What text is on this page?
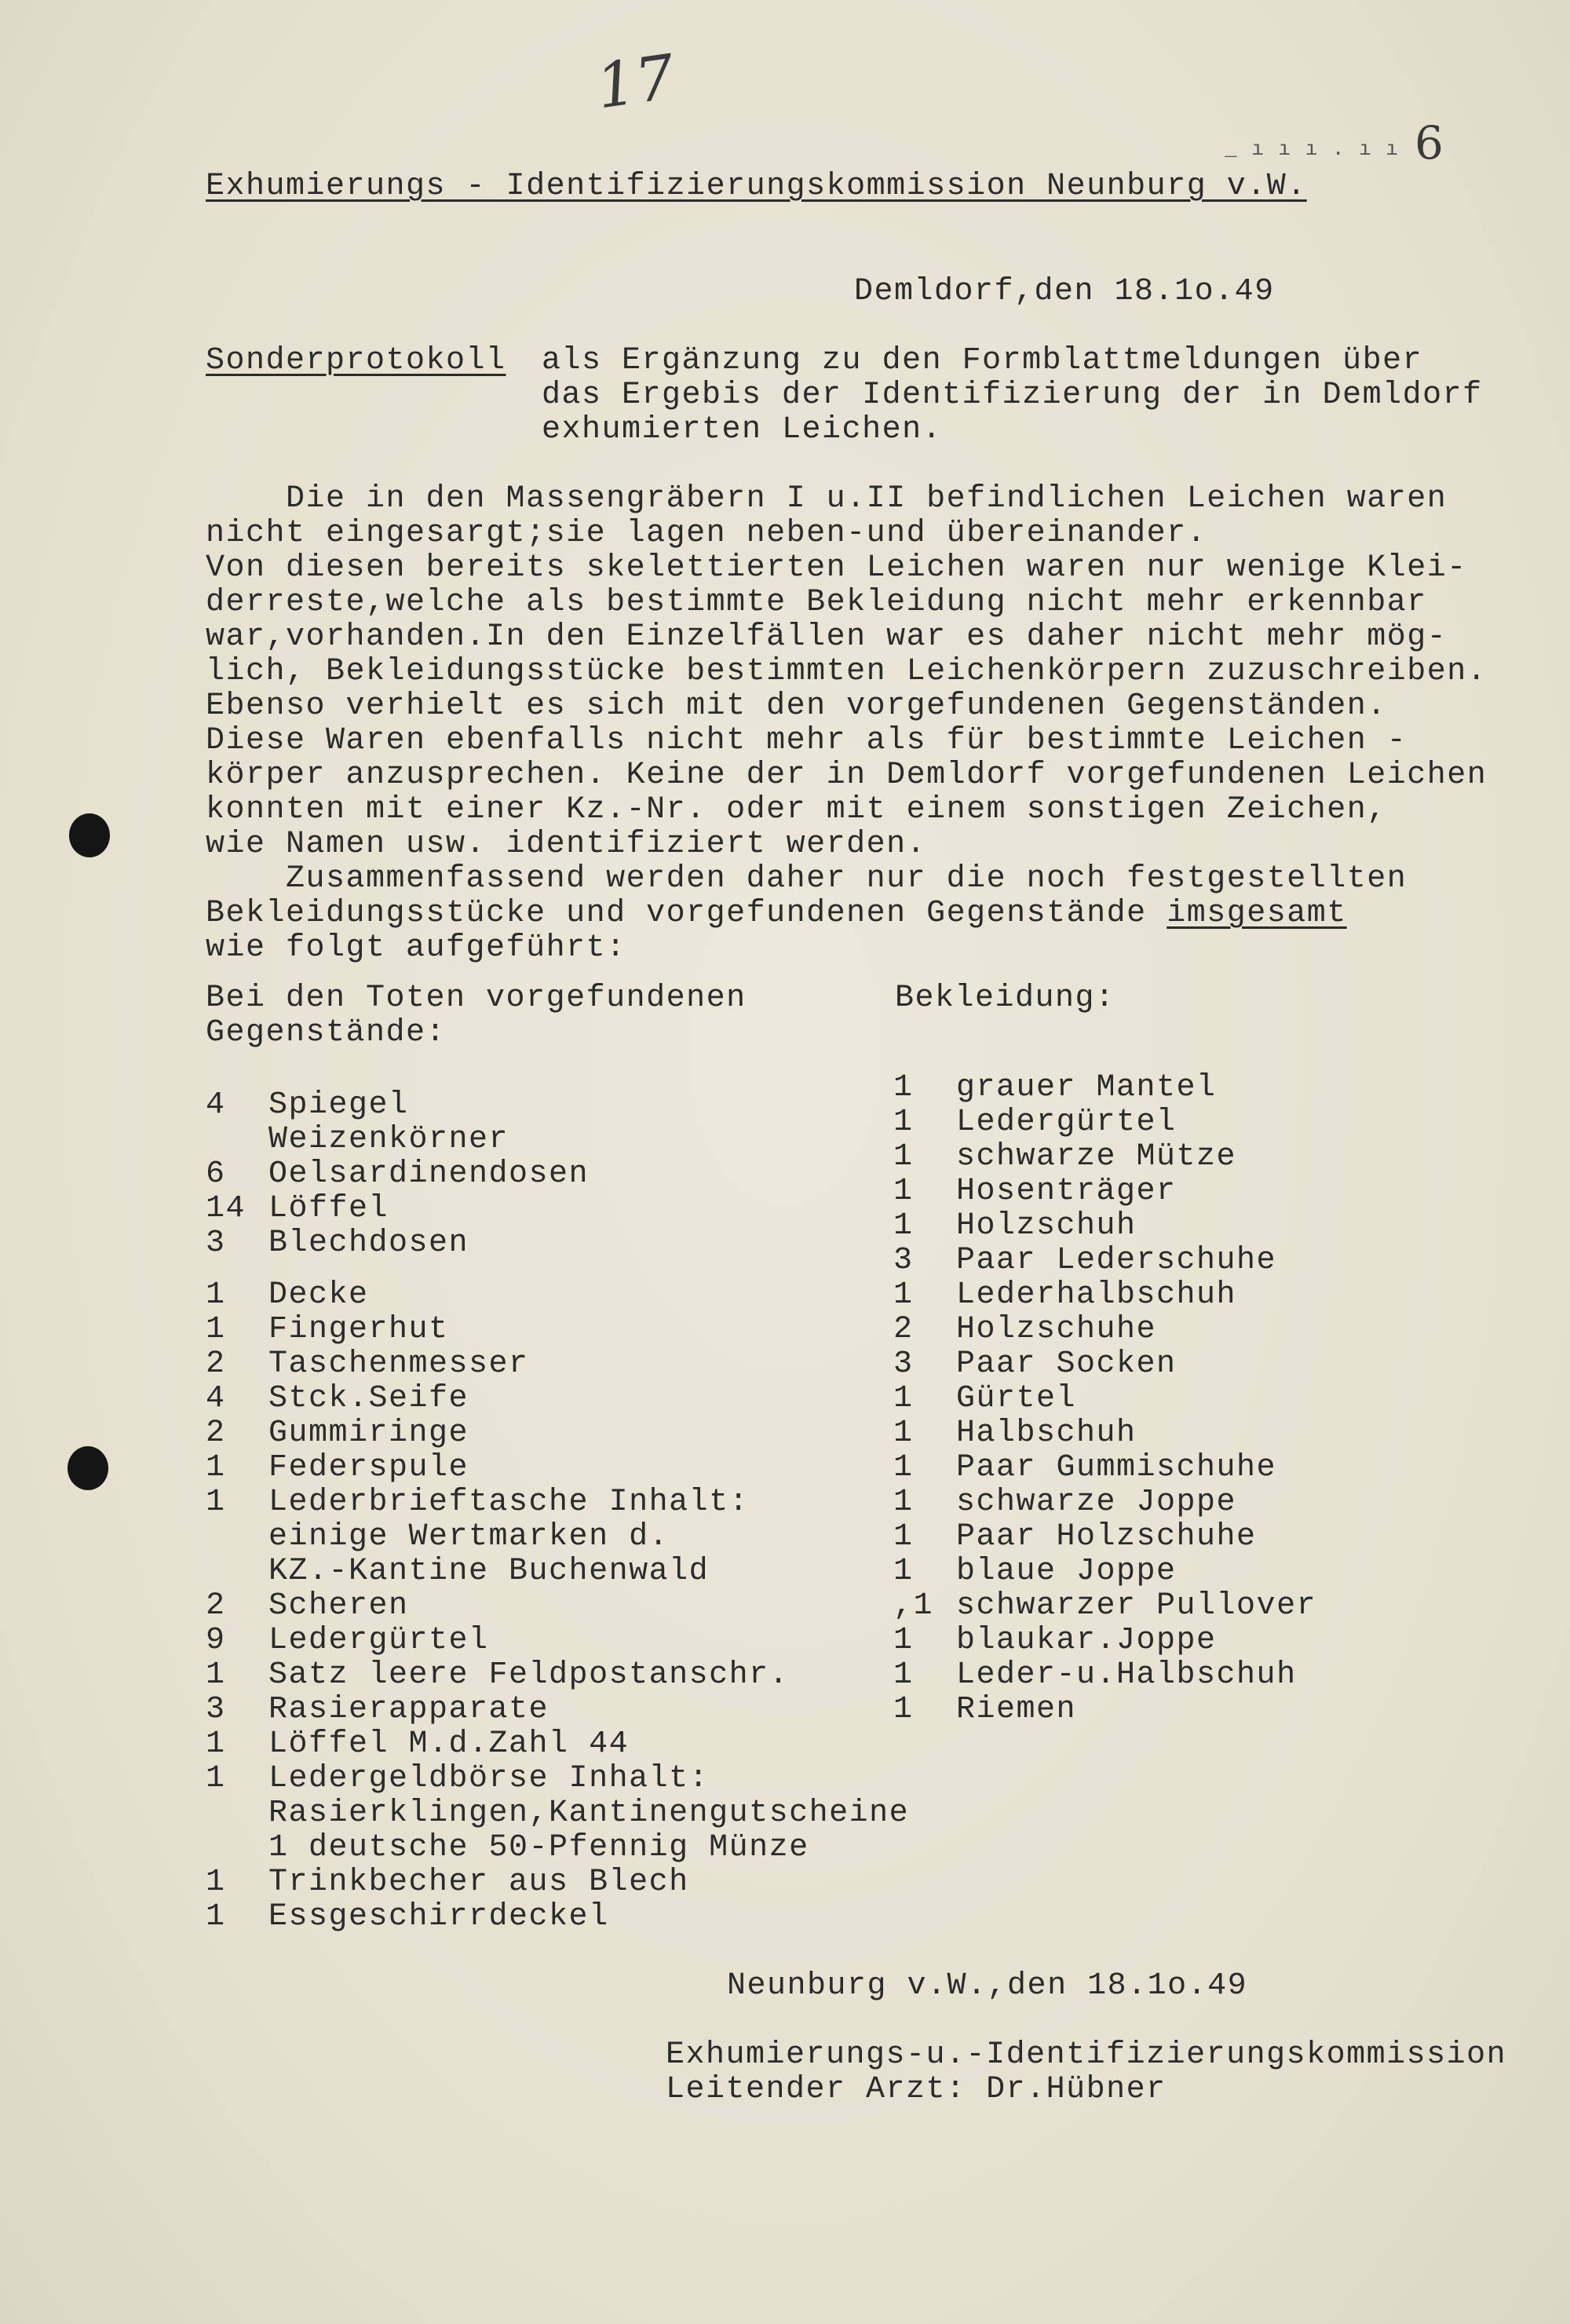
17
_ ı ı ı . ı ı 6
Exhumierungs - Identifizierungskommission Neunburg v.W.
Demldorf,den 18.1o.49
Sonderprotokoll als Ergänzung zu den Formblattmeldungen über
das Ergebis der Identifizierung der in Demldorf
exhumierten Leichen.
Die in den Massengräbern I u.II befindlichen Leichen waren
nicht eingesargt;sie lagen neben-und übereinander.
Von diesen bereits skelettierten Leichen waren nur wenige Klei-
derreste,welche als bestimmte Bekleidung nicht mehr erkennbar
war,vorhanden.In den Einzelfällen war es daher nicht mehr mög-
lich, Bekleidungsstücke bestimmten Leichenkörpern zuzuschreiben.
Ebenso verhielt es sich mit den vorgefundenen Gegenständen.
Diese Waren ebenfalls nicht mehr als für bestimmte Leichen -
körper anzusprechen. Keine der in Demldorf vorgefundenen Leichen
konnten mit einer Kz.-Nr. oder mit einem sonstigen Zeichen,
wie Namen usw. identifiziert werden.
Zusammenfassend werden daher nur die noch festgestellten
Bekleidungsstücke und vorgefundenen Gegenstände imsgesamt
wie folgt aufgeführt:
Bei den Toten vorgefundenen
Gegenstände:
Bekleidung:
4 Spiegel
Weizenkörner
6 Oelsardinendosen
14 Löffel
3 Blechdosen
1 Decke
1 Fingerhut
2 Taschenmesser
4 Stck.Seife
2 Gummiringe
1 Federspule
1 Lederbrieftasche Inhalt:
einige Wertmarken d.
KZ.-Kantine Buchenwald
2 Scheren
9 Ledergürtel
1 Satz leere Feldpostanschr.
3 Rasierapparate
1 Löffel M.d.Zahl 44
1 Ledergeldbörse Inhalt:
Rasierklingen,Kantinengutscheine
1 deutsche 50-Pfennig Münze
1 Trinkbecher aus Blech
1 Essgeschirrdeckel
1 grauer Mantel
1 Ledergürtel
1 schwarze Mütze
1 Hosenträger
1 Holzschuh
3 Paar Lederschuhe
1 Lederhalbschuh
2 Holzschuhe
3 Paar Socken
1 Gürtel
1 Halbschuh
1 Paar Gummischuhe
1 schwarze Joppe
1 Paar Holzschuhe
1 blaue Joppe
,1 schwarzer Pullover
1 blaukar.Joppe
1 Leder-u.Halbschuh
1 Riemen
Neunburg v.W.,den 18.1o.49
Exhumierungs-u.-Identifizierungskommission
Leitender Arzt: Dr.Hübner
